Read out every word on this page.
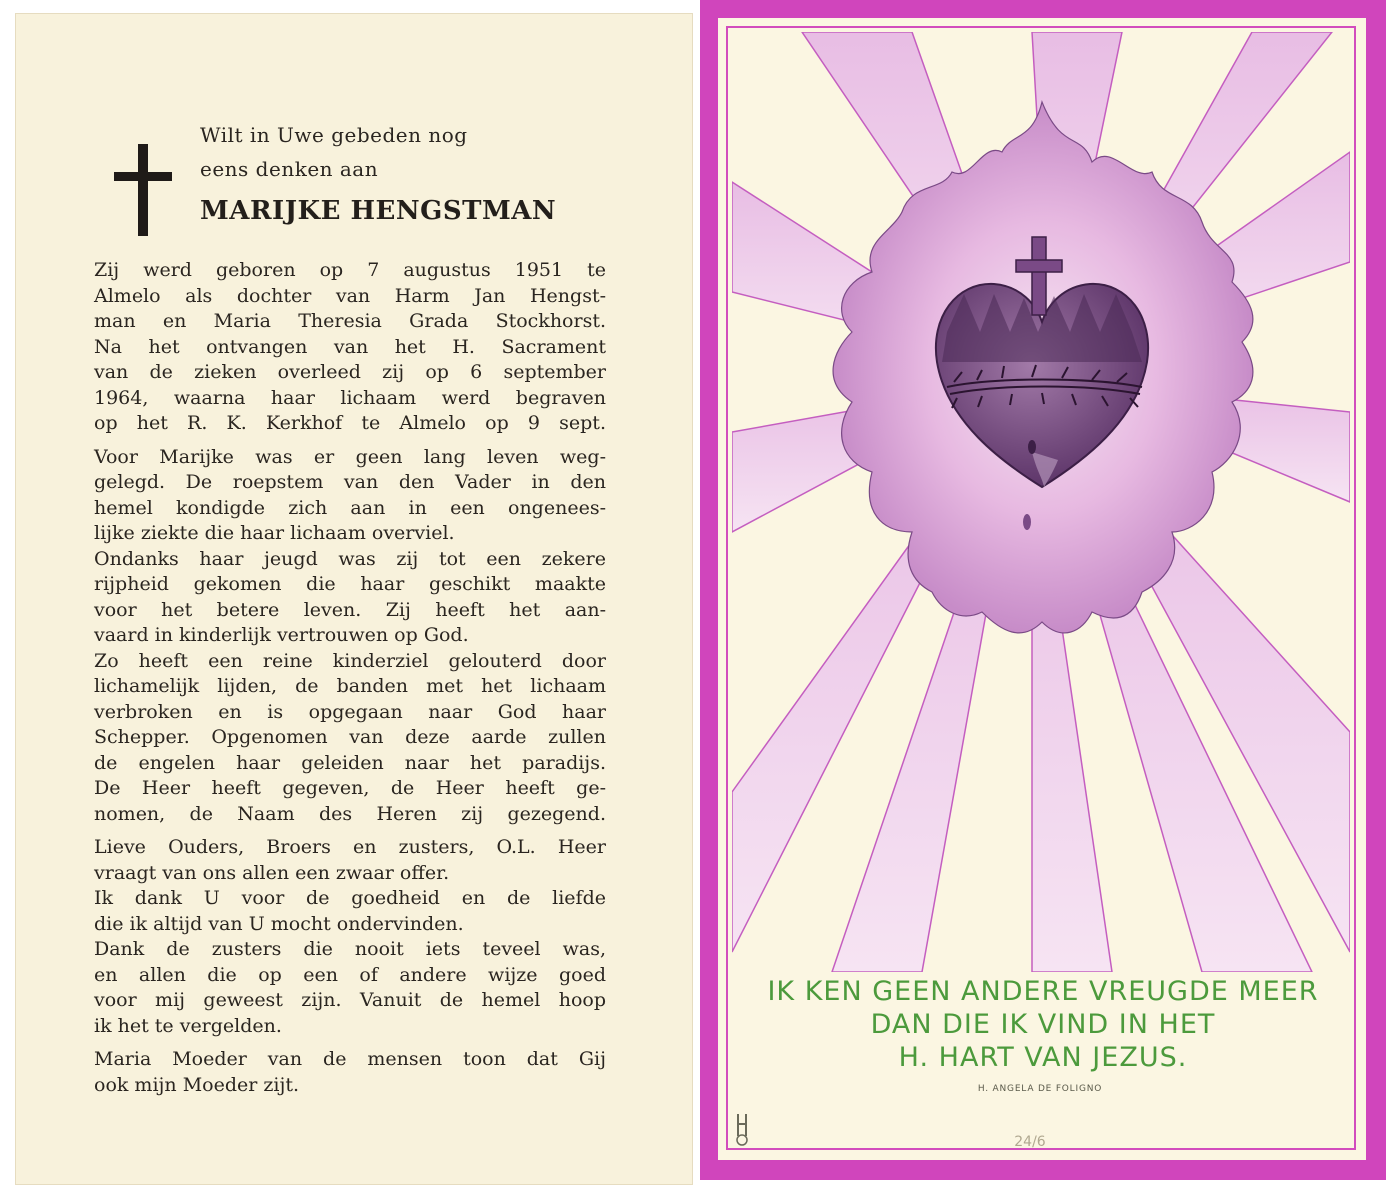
Wilt in Uwe gebeden nog
eens denken aan
MARIJKE HENGSTMAN
Zij werd geboren op 7 augustus 1951 te
Almelo als dochter van Harm Jan Hengst-
man en Maria Theresia Grada Stockhorst.
Na het ontvangen van het H. Sacrament
van de zieken overleed zij op 6 september
1964, waarna haar lichaam werd begraven
op het R. K. Kerkhof te Almelo op 9 sept.
Voor Marijke was er geen lang leven weg-
gelegd. De roepstem van den Vader in den
hemel kondigde zich aan in een ongenees-
lijke ziekte die haar lichaam overviel.
Ondanks haar jeugd was zij tot een zekere
rijpheid gekomen die haar geschikt maakte
voor het betere leven. Zij heeft het aan-
vaard in kinderlijk vertrouwen op God.
Zo heeft een reine kinderziel gelouterd door
lichamelijk lijden, de banden met het lichaam
verbroken en is opgegaan naar God haar
Schepper. Opgenomen van deze aarde zullen
de engelen haar geleiden naar het paradijs.
De Heer heeft gegeven, de Heer heeft ge-
nomen, de Naam des Heren zij gezegend.
Lieve Ouders, Broers en zusters, O.L. Heer
vraagt van ons allen een zwaar offer.
Ik dank U voor de goedheid en de liefde
die ik altijd van U mocht ondervinden.
Dank de zusters die nooit iets teveel was,
en allen die op een of andere wijze goed
voor mij geweest zijn. Vanuit de hemel hoop
ik het te vergelden.
Maria Moeder van de mensen toon dat Gij
ook mijn Moeder zijt.
IK KEN GEEN ANDERE VREUGDE MEER
DAN DIE IK VIND IN HET
H. HART VAN JEZUS.
H. ANGELA DE FOLIGNO
24/6
